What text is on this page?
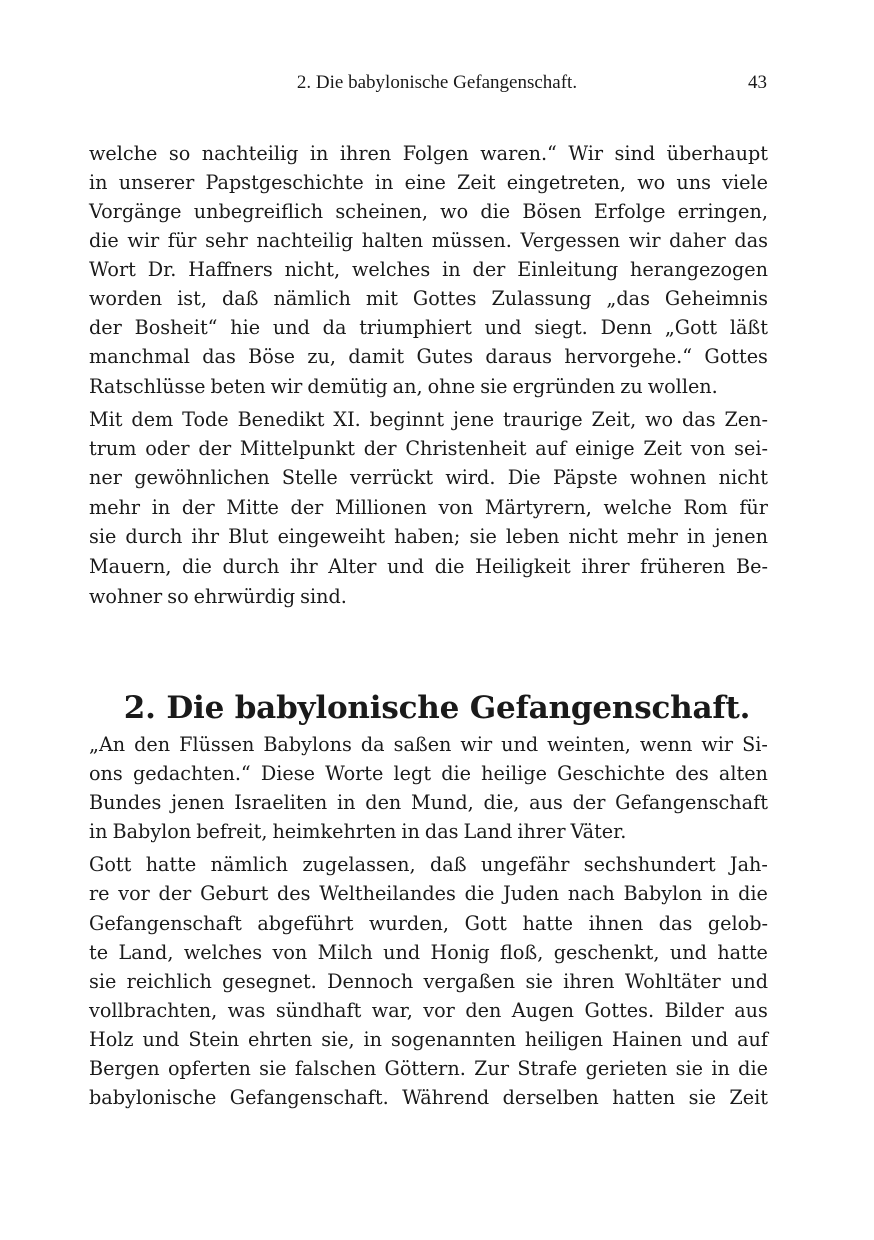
2. Die babylonische Gefangenschaft.	43
welche so nachteilig in ihren Folgen waren.“ Wir sind überhaupt
in unserer Papstgeschichte in eine Zeit eingetreten, wo uns viele
Vorgänge unbegreiflich scheinen, wo die Bösen Erfolge erringen,
die wir für sehr nachteilig halten müssen. Vergessen wir daher das
Wort Dr. Haffners nicht, welches in der Einleitung herangezogen
worden ist, daß nämlich mit Gottes Zulassung „das Geheimnis
der Bosheit“ hie und da triumphiert und siegt. Denn „Gott läßt
manchmal das Böse zu, damit Gutes daraus hervorgehe.“ Gottes
Ratschlüsse beten wir demütig an, ohne sie ergründen zu wollen.
Mit dem Tode Benedikt XI. beginnt jene traurige Zeit, wo das Zen-
trum oder der Mittelpunkt der Christenheit auf einige Zeit von sei-
ner gewöhnlichen Stelle verrückt wird. Die Päpste wohnen nicht
mehr in der Mitte der Millionen von Märtyrern, welche Rom für
sie durch ihr Blut eingeweiht haben; sie leben nicht mehr in jenen
Mauern, die durch ihr Alter und die Heiligkeit ihrer früheren Be-
wohner so ehrwürdig sind.
2. Die babylonische Gefangenschaft.
„An den Flüssen Babylons da saßen wir und weinten, wenn wir Si-
ons gedachten.“ Diese Worte legt die heilige Geschichte des alten
Bundes jenen Israeliten in den Mund, die, aus der Gefangenschaft
in Babylon befreit, heimkehrten in das Land ihrer Väter.
Gott hatte nämlich zugelassen, daß ungefähr sechshundert Jah-
re vor der Geburt des Weltheilandes die Juden nach Babylon in die
Gefangenschaft abgeführt wurden, Gott hatte ihnen das gelob-
te Land, welches von Milch und Honig floß, geschenkt, und hatte
sie reichlich gesegnet. Dennoch vergaßen sie ihren Wohltäter und
vollbrachten, was sündhaft war, vor den Augen Gottes. Bilder aus
Holz und Stein ehrten sie, in sogenannten heiligen Hainen und auf
Bergen opferten sie falschen Göttern. Zur Strafe gerieten sie in die
babylonische Gefangenschaft. Während derselben hatten sie Zeit
